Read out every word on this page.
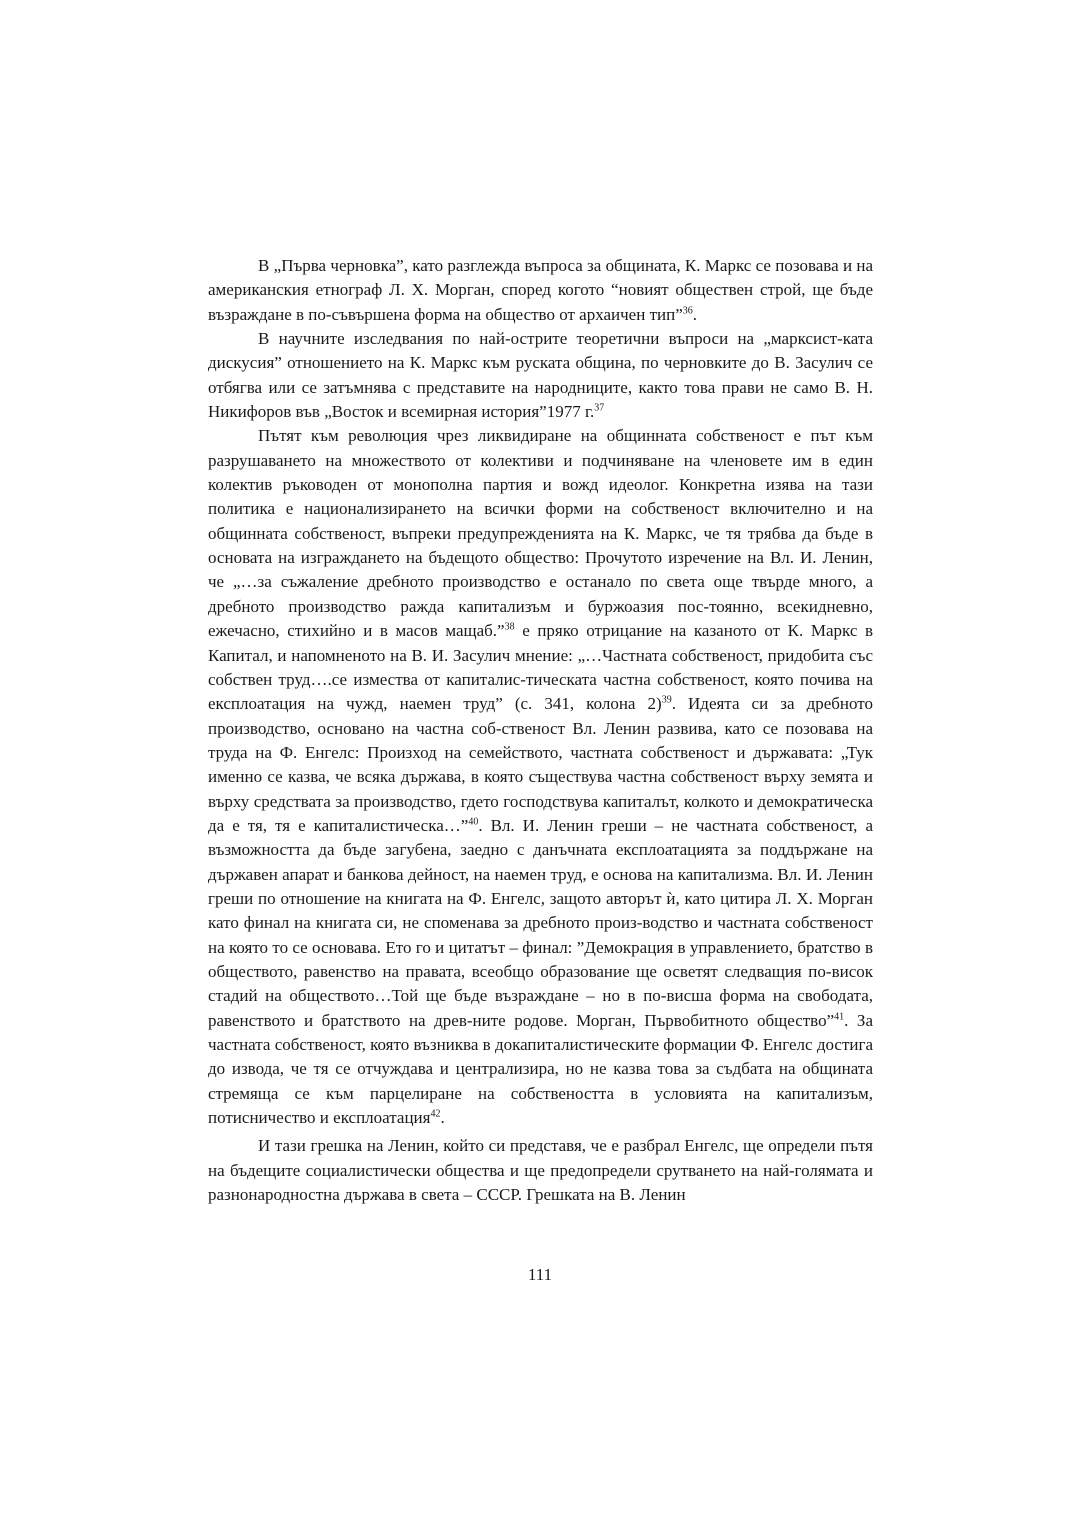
В „Първа черновка”, като разглежда въпроса за общината, К. Маркс се позовава и на американския етнограф Л. Х. Морган, според когото “новият обществен строй, ще бъде възраждане в по-съвършена форма на общество от архаичен тип”$^{36}$.

В научните изследвания по най-острите теоретични въпроси на „марксист-ката дискусия” отношението на К. Маркс към руската община, по черновките до В. Засулич се отбягва или се затъмнява с представите на народниците, както това прави не само В. Н. Никифоров във „Восток и всемирная история”1977 г.$^{37}$

Пътят към революция чрез ликвидиране на общинната собственост е път към разрушаването на множеството от колективи и подчиняване на членовете им в един колектив ръководен от монополна партия и вожд идеолог. Конкретна изява на тази политика е национализирането на всички форми на собственост включително и на общинната собственост, въпреки предупрежденията на К. Маркс, че тя трябва да бъде в основата на изграждането на бъдещото общество: Прочутото изречение на Вл. И. Ленин, че „…за съжаление дребното производство е останало по света още твърде много, а дребното производство ражда капитализъм и буржоазия пос-тоянно, всекидневно, ежечасно, стихийно и в масов мащаб.”$^{38}$ е пряко отрицание на казаното от К. Маркс в Капитал, и напомненото на В. И. Засулич мнение: „…Частната собственост, придобита със собствен труд….се измества от капиталис-тическата частна собственост, която почива на експлоатация на чужд, наемен труд” (с. 341, колона 2)$^{39}$. Идеята си за дребното производство, основано на частна соб-ственост Вл. Ленин развива, като се позовава на труда на Ф. Енгелс: Произход на семейството, частната собственост и държавата: „Тук именно се казва, че всяка държава, в която съществува частна собственост върху земята и върху средствата за производство, гдето господствува капиталът, колкото и демократическа да е тя, тя е капиталистическа…”$^{40}$. Вл. И. Ленин греши – не частната собственост, а възможността да бъде загубена, заедно с данъчната експлоатацията за поддържане на държавен апарат и банкова дейност, на наемен труд, е основа на капитализма. Вл. И. Ленин греши по отношение на книгата на Ф. Енгелс, защото авторът ѝ, като цитира Л. Х. Морган като финал на книгата си, не споменава за дребното произ-водство и частната собственост на която то се основава. Ето го и цитатът – финал: ”Демокрация в управлението, братство в обществото, равенство на правата, всеобщо образование ще осветят следващия по-висок стадий на обществото…Той ще бъде възраждане – но в по-висша форма на свободата, равенството и братството на древ-ните родове. Морган, Първобитното общество”$^{41}$. За частната собственост, която възниква в докапиталистическите формации Ф. Енгелс достига до извода, че тя се отчуждава и централизира, но не казва това за съдбата на общината стремяща се към парцелиране на собствеността в условията на капитализъм, потисничество и експлоатация$^{42}$.

И тази грешка на Ленин, който си представя, че е разбрал Енгелс, ще определи пътя на бъдещите социалистически общества и ще предопредели срутването на най-голямата и разнонародностна държава в света – СССР. Грешката на В. Ленин

111
